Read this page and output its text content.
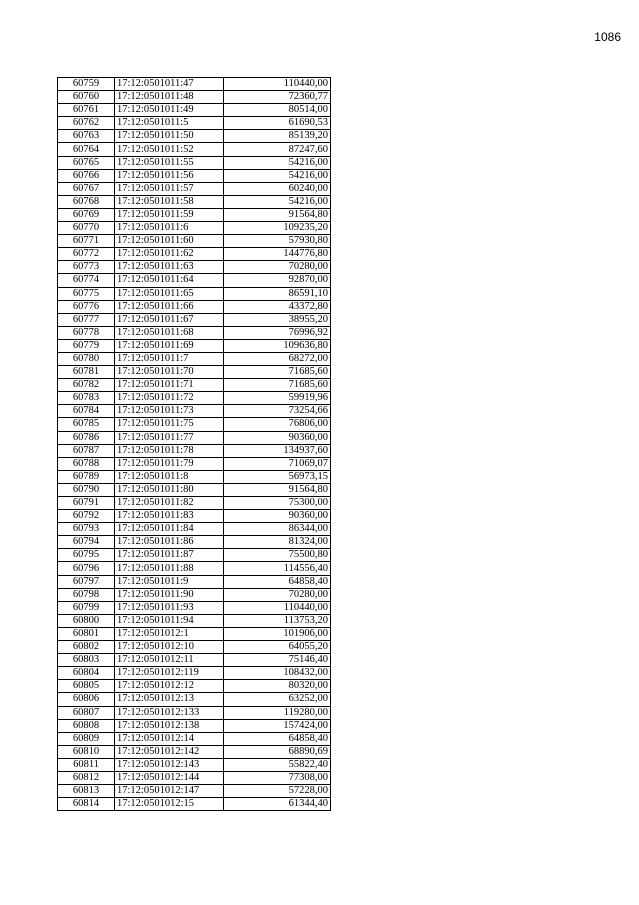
1086
60759	17:12:0501011:47	110440,00
60760	17:12:0501011:48	72360,77
60761	17:12:0501011:49	80514,00
60762	17:12:0501011:5	61690,53
60763	17:12:0501011:50	85139,20
60764	17:12:0501011:52	87247,60
60765	17:12:0501011:55	54216,00
60766	17:12:0501011:56	54216,00
60767	17:12:0501011:57	60240,00
60768	17:12:0501011:58	54216,00
60769	17:12:0501011:59	91564,80
60770	17:12:0501011:6	109235,20
60771	17:12:0501011:60	57930,80
60772	17:12:0501011:62	144776,80
60773	17:12:0501011:63	70280,00
60774	17:12:0501011:64	92870,00
60775	17:12:0501011:65	86591,10
60776	17:12:0501011:66	43372,80
60777	17:12:0501011:67	38955,20
60778	17:12:0501011:68	76996,92
60779	17:12:0501011:69	109636,80
60780	17:12:0501011:7	68272,00
60781	17:12:0501011:70	71685,60
60782	17:12:0501011:71	71685,60
60783	17:12:0501011:72	59919,96
60784	17:12:0501011:73	73254,66
60785	17:12:0501011:75	76806,00
60786	17:12:0501011:77	90360,00
60787	17:12:0501011:78	134937,60
60788	17:12:0501011:79	71069,07
60789	17:12:0501011:8	56973,15
60790	17:12:0501011:80	91564,80
60791	17:12:0501011:82	75300,00
60792	17:12:0501011:83	90360,00
60793	17:12:0501011:84	86344,00
60794	17:12:0501011:86	81324,00
60795	17:12:0501011:87	75500,80
60796	17:12:0501011:88	114556,40
60797	17:12:0501011:9	64858,40
60798	17:12:0501011:90	70280,00
60799	17:12:0501011:93	110440,00
60800	17:12:0501011:94	113753,20
60801	17:12:0501012:1	101906,00
60802	17:12:0501012:10	64055,20
60803	17:12:0501012:11	75146,40
60804	17:12:0501012:119	108432,00
60805	17:12:0501012:12	80320,00
60806	17:12:0501012:13	63252,00
60807	17:12:0501012:133	119280,00
60808	17:12:0501012:138	157424,00
60809	17:12:0501012:14	64858,40
60810	17:12:0501012:142	68890,69
60811	17:12:0501012:143	55822,40
60812	17:12:0501012:144	77308,00
60813	17:12:0501012:147	57228,00
60814	17:12:0501012:15	61344,40
